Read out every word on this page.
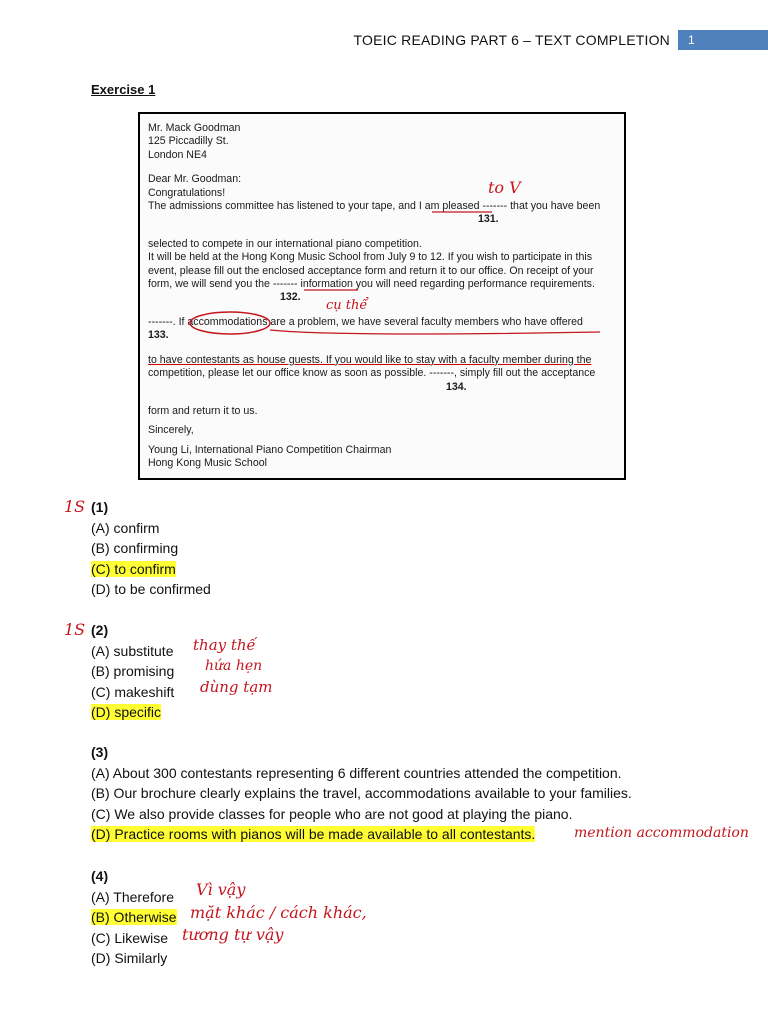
TOEIC READING PART 6 – TEXT COMPLETION	1
Exercise 1
Mr. Mack Goodman
125 Piccadilly St.
London NE4
Dear Mr. Goodman:
Congratulations!
The admissions committee has listened to your tape, and I am pleased ------- that you have been
131.
selected to compete in our international piano competition.
It will be held at the Hong Kong Music School from July 9 to 12. If you wish to participate in this
event, please fill out the enclosed acceptance form and return it to our office. On receipt of your
form, we will send you the ------- information you will need regarding performance requirements.
132.
-------. If accommodations are a problem, we have several faculty members who have offered
133.
to have contestants as house guests. If you would like to stay with a faculty member during the
competition, please let our office know as soon as possible. -------, simply fill out the acceptance
134.
form and return it to us.
Sincerely,
Young Li, International Piano Competition Chairman
Hong Kong Music School
to V
cụ thể
1S (1)
(A) confirm
(B) confirming
(C) to confirm
(D) to be confirmed
1S (2)
(A) substitute
(B) promising
(C) makeshift
(D) specific
thay thế
hứa hẹn
dùng tạm
(3)
(A) About 300 contestants representing 6 different countries attended the competition.
(B) Our brochure clearly explains the travel, accommodations available to your families.
(C) We also provide classes for people who are not good at playing the piano.
(D) Practice rooms with pianos will be made available to all contestants.	mention accommodation
(4)
(A) Therefore
(B) Otherwise
(C) Likewise
(D) Similarly
Vì vậy
mặt khác / cách khác,
tương tự vậy
